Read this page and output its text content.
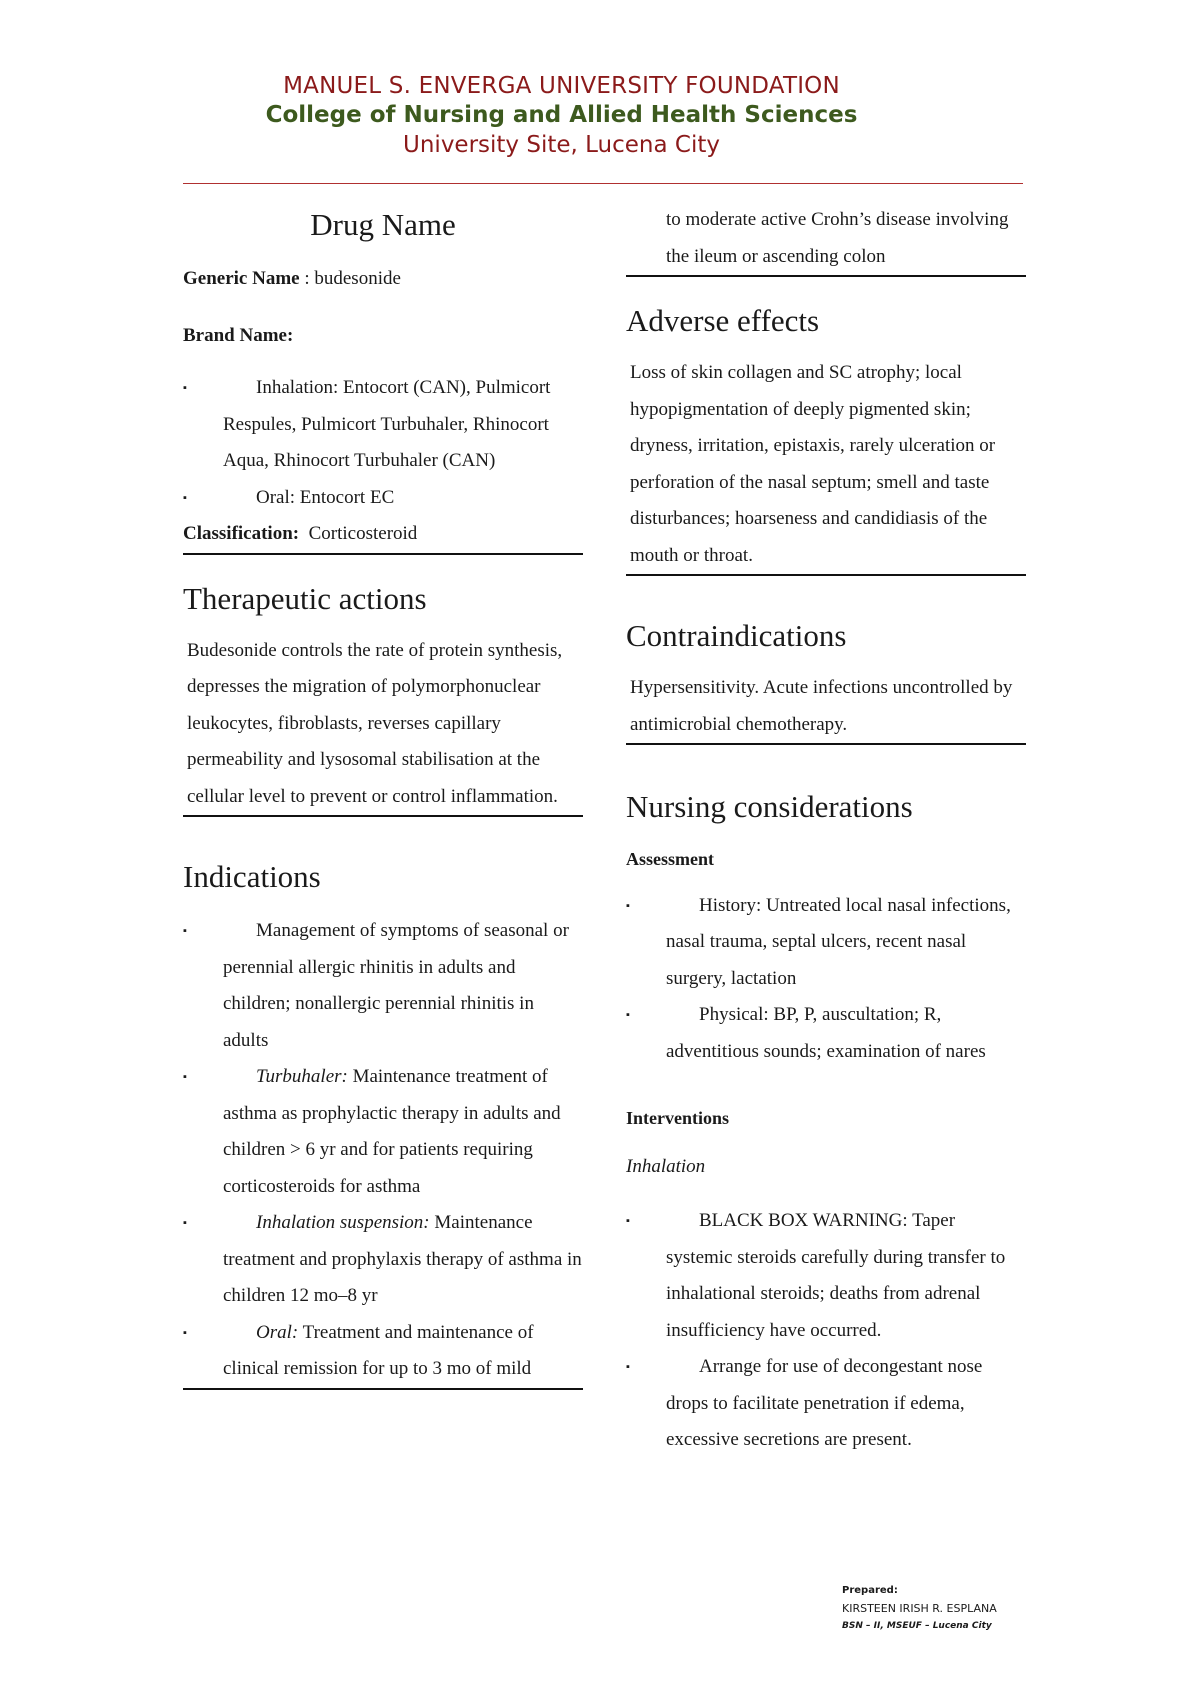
MANUEL S. ENVERGA UNIVERSITY FOUNDATION
College of Nursing and Allied Health Sciences
University Site, Lucena City
Drug Name

Generic Name : budesonide

Brand Name:

▪	Inhalation: Entocort (CAN), Pulmicort Respules, Pulmicort Turbuhaler, Rhinocort Aqua, Rhinocort Turbuhaler (CAN)
▪	Oral: Entocort EC

Classification: Corticosteroid

Therapeutic actions

Budesonide controls the rate of protein synthesis, depresses the migration of polymorphonuclear leukocytes, fibroblasts, reverses capillary permeability and lysosomal stabilisation at the cellular level to prevent or control inflammation.

Indications
▪	Management of symptoms of seasonal or perennial allergic rhinitis in adults and children; nonallergic perennial rhinitis in adults
▪	Turbuhaler: Maintenance treatment of asthma as prophylactic therapy in adults and children > 6 yr and for patients requiring corticosteroids for asthma
▪	Inhalation suspension: Maintenance treatment and prophylaxis therapy of asthma in children 12 mo–8 yr
▪	Oral: Treatment and maintenance of clinical remission for up to 3 mo of mild

to moderate active Crohn’s disease involving the ileum or ascending colon

Adverse effects

Loss of skin collagen and SC atrophy; local hypopigmentation of deeply pigmented skin; dryness, irritation, epistaxis, rarely ulceration or perforation of the nasal septum; smell and taste disturbances; hoarseness and candidiasis of the mouth or throat.

Contraindications

Hypersensitivity. Acute infections uncontrolled by antimicrobial chemotherapy.

Nursing considerations

Assessment

▪	History: Untreated local nasal infections, nasal trauma, septal ulcers, recent nasal surgery, lactation
▪	Physical: BP, P, auscultation; R, adventitious sounds; examination of nares

Interventions

Inhalation

▪	BLACK BOX WARNING: Taper systemic steroids carefully during transfer to inhalational steroids; deaths from adrenal insufficiency have occurred.
▪	Arrange for use of decongestant nose drops to facilitate penetration if edema, excessive secretions are present.
Prepared:
KIRSTEEN IRISH R. ESPLANA
BSN – II, MSEUF – Lucena City
